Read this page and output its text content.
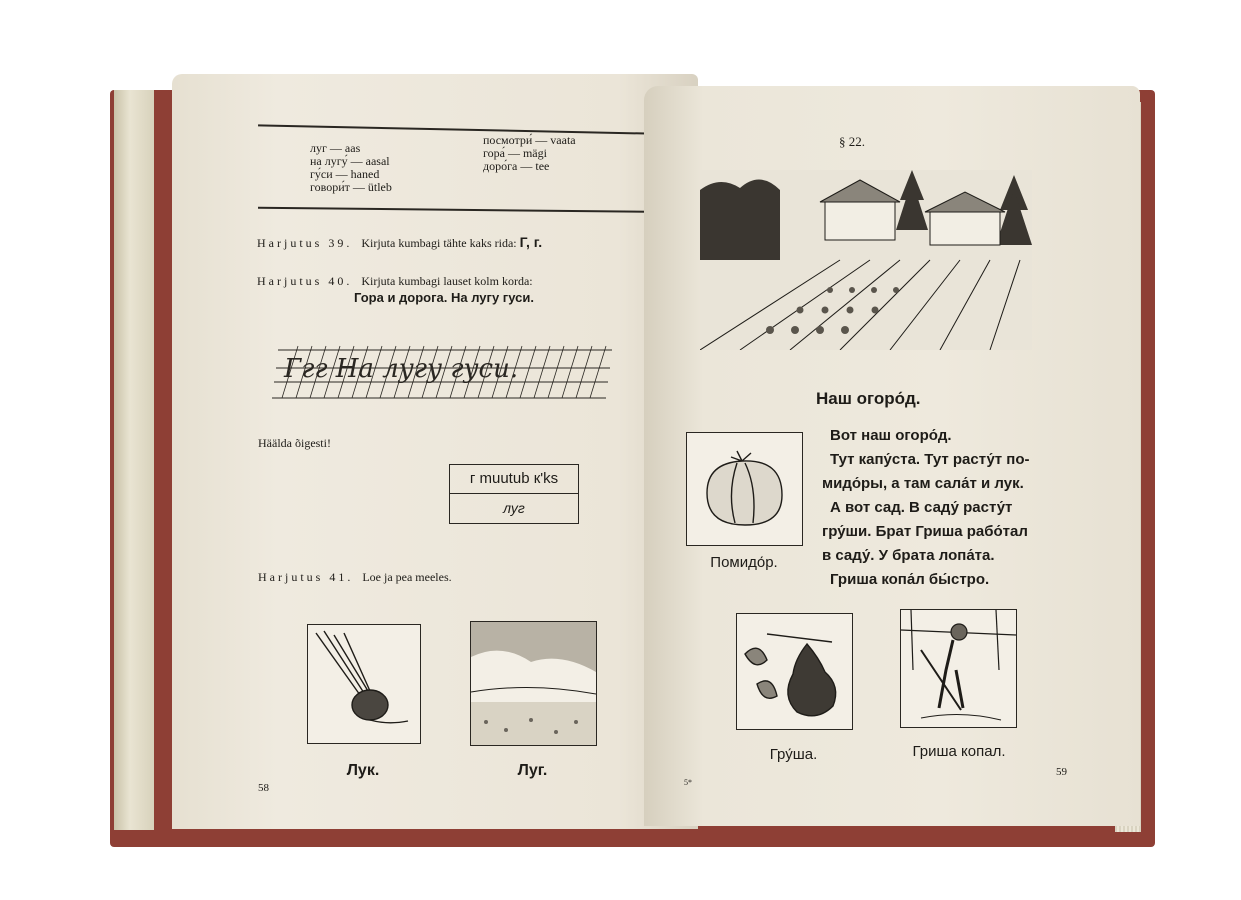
луг — aas
на лугу́ — aasal
гу́си — haned
говори́т — ütleb
посмотри́ — vaata
гора́ — mägi
доро́га — tee
Harjutus 39. Kirjuta kumbagi tähte kaks rida: Г, г.
Harjutus 40. Kirjuta kumbagi lauset kolm korda:
Гора и дорога. На лугу гуси.
Ггг На лугу гуси.
Häälda õigesti!
г muutub к'ks
луг
Harjutus 41. Loe ja pea meeles.
Лук.	Луг.
58
§ 22.
Наш огоро́д.
Помидо́р.
Вот наш огоро́д.
Тут капу́ста. Тут расту́т по-
мидо́ры, а там сала́т и лук.
А вот сад. В саду́ расту́т
гру́ши. Брат Гриша рабо́тал
в саду́. У брата лопа́та.
Гриша копа́л бы́стро.
Гру́ша.	Гриша копал.
5*
59
